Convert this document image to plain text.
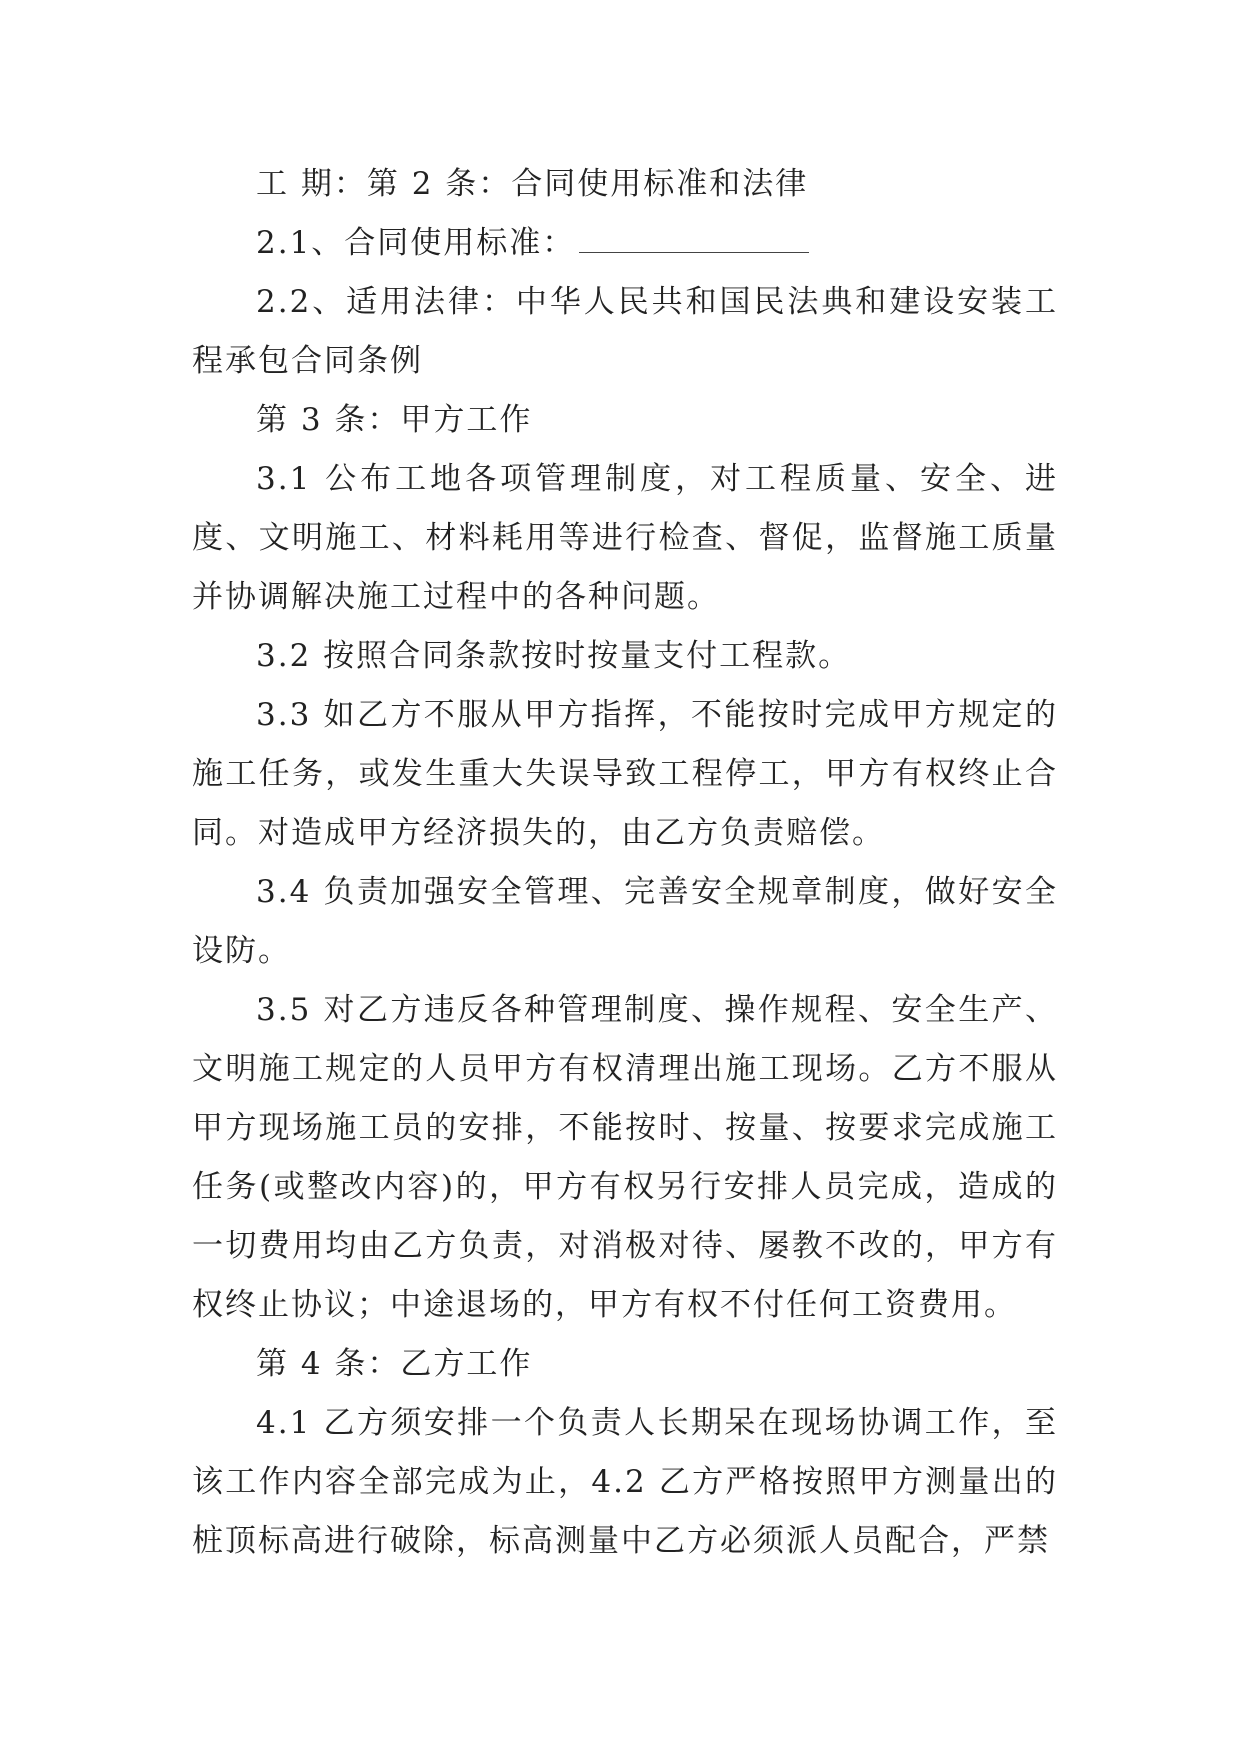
工 期：第 2 条：合同使用标准和法律

2.1、合同使用标准：

2.2、适用法律：中华人民共和国民法典和建设安装工程承包合同条例

第 3 条：甲方工作

3.1 公布工地各项管理制度，对工程质量、安全、进度、文明施工、材料耗用等进行检查、督促，监督施工质量并协调解决施工过程中的各种问题。

3.2 按照合同条款按时按量支付工程款。

3.3 如乙方不服从甲方指挥，不能按时完成甲方规定的施工任务，或发生重大失误导致工程停工，甲方有权终止合同。对造成甲方经济损失的，由乙方负责赔偿。

3.4 负责加强安全管理、完善安全规章制度，做好安全设防。

3.5 对乙方违反各种管理制度、操作规程、安全生产、文明施工规定的人员甲方有权清理出施工现场。乙方不服从甲方现场施工员的安排，不能按时、按量、按要求完成施工任务(或整改内容)的，甲方有权另行安排人员完成，造成的一切费用均由乙方负责，对消极对待、屡教不改的，甲方有权终止协议；中途退场的，甲方有权不付任何工资费用。

第 4 条：乙方工作

4.1 乙方须安排一个负责人长期呆在现场协调工作，至该工作内容全部完成为止，4.2 乙方严格按照甲方测量出的桩顶标高进行破除，标高测量中乙方必须派人员配合，严禁
